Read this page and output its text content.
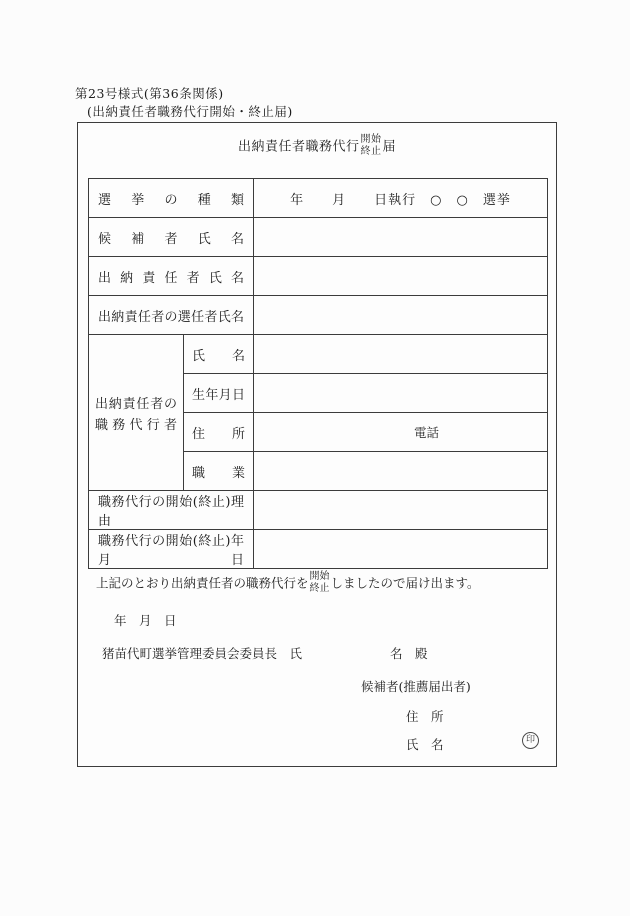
第23号様式(第36条関係)
(出納責任者職務代行開始・終止届)
出納責任者職務代行 開始
終止 届
選挙の種類		年　　月　　日執行　○　○　選挙

候補者氏名		

出納責任者氏名		

出納責任者の選任者氏名		

出納責任者の
職務代行者	氏名	

	生年月日	

	住所	電話

	職業	

職務代行の開始(終止)理由		

職務代行の開始(終止)年月日		

上記のとおり出納責任者の職務代行を 開始
終止 しましたので届け出ます。
年　月　日
猪苗代町選挙管理委員会委員長　氏	名　殿
候補者(推薦届出者)
住　所
氏　名	印
